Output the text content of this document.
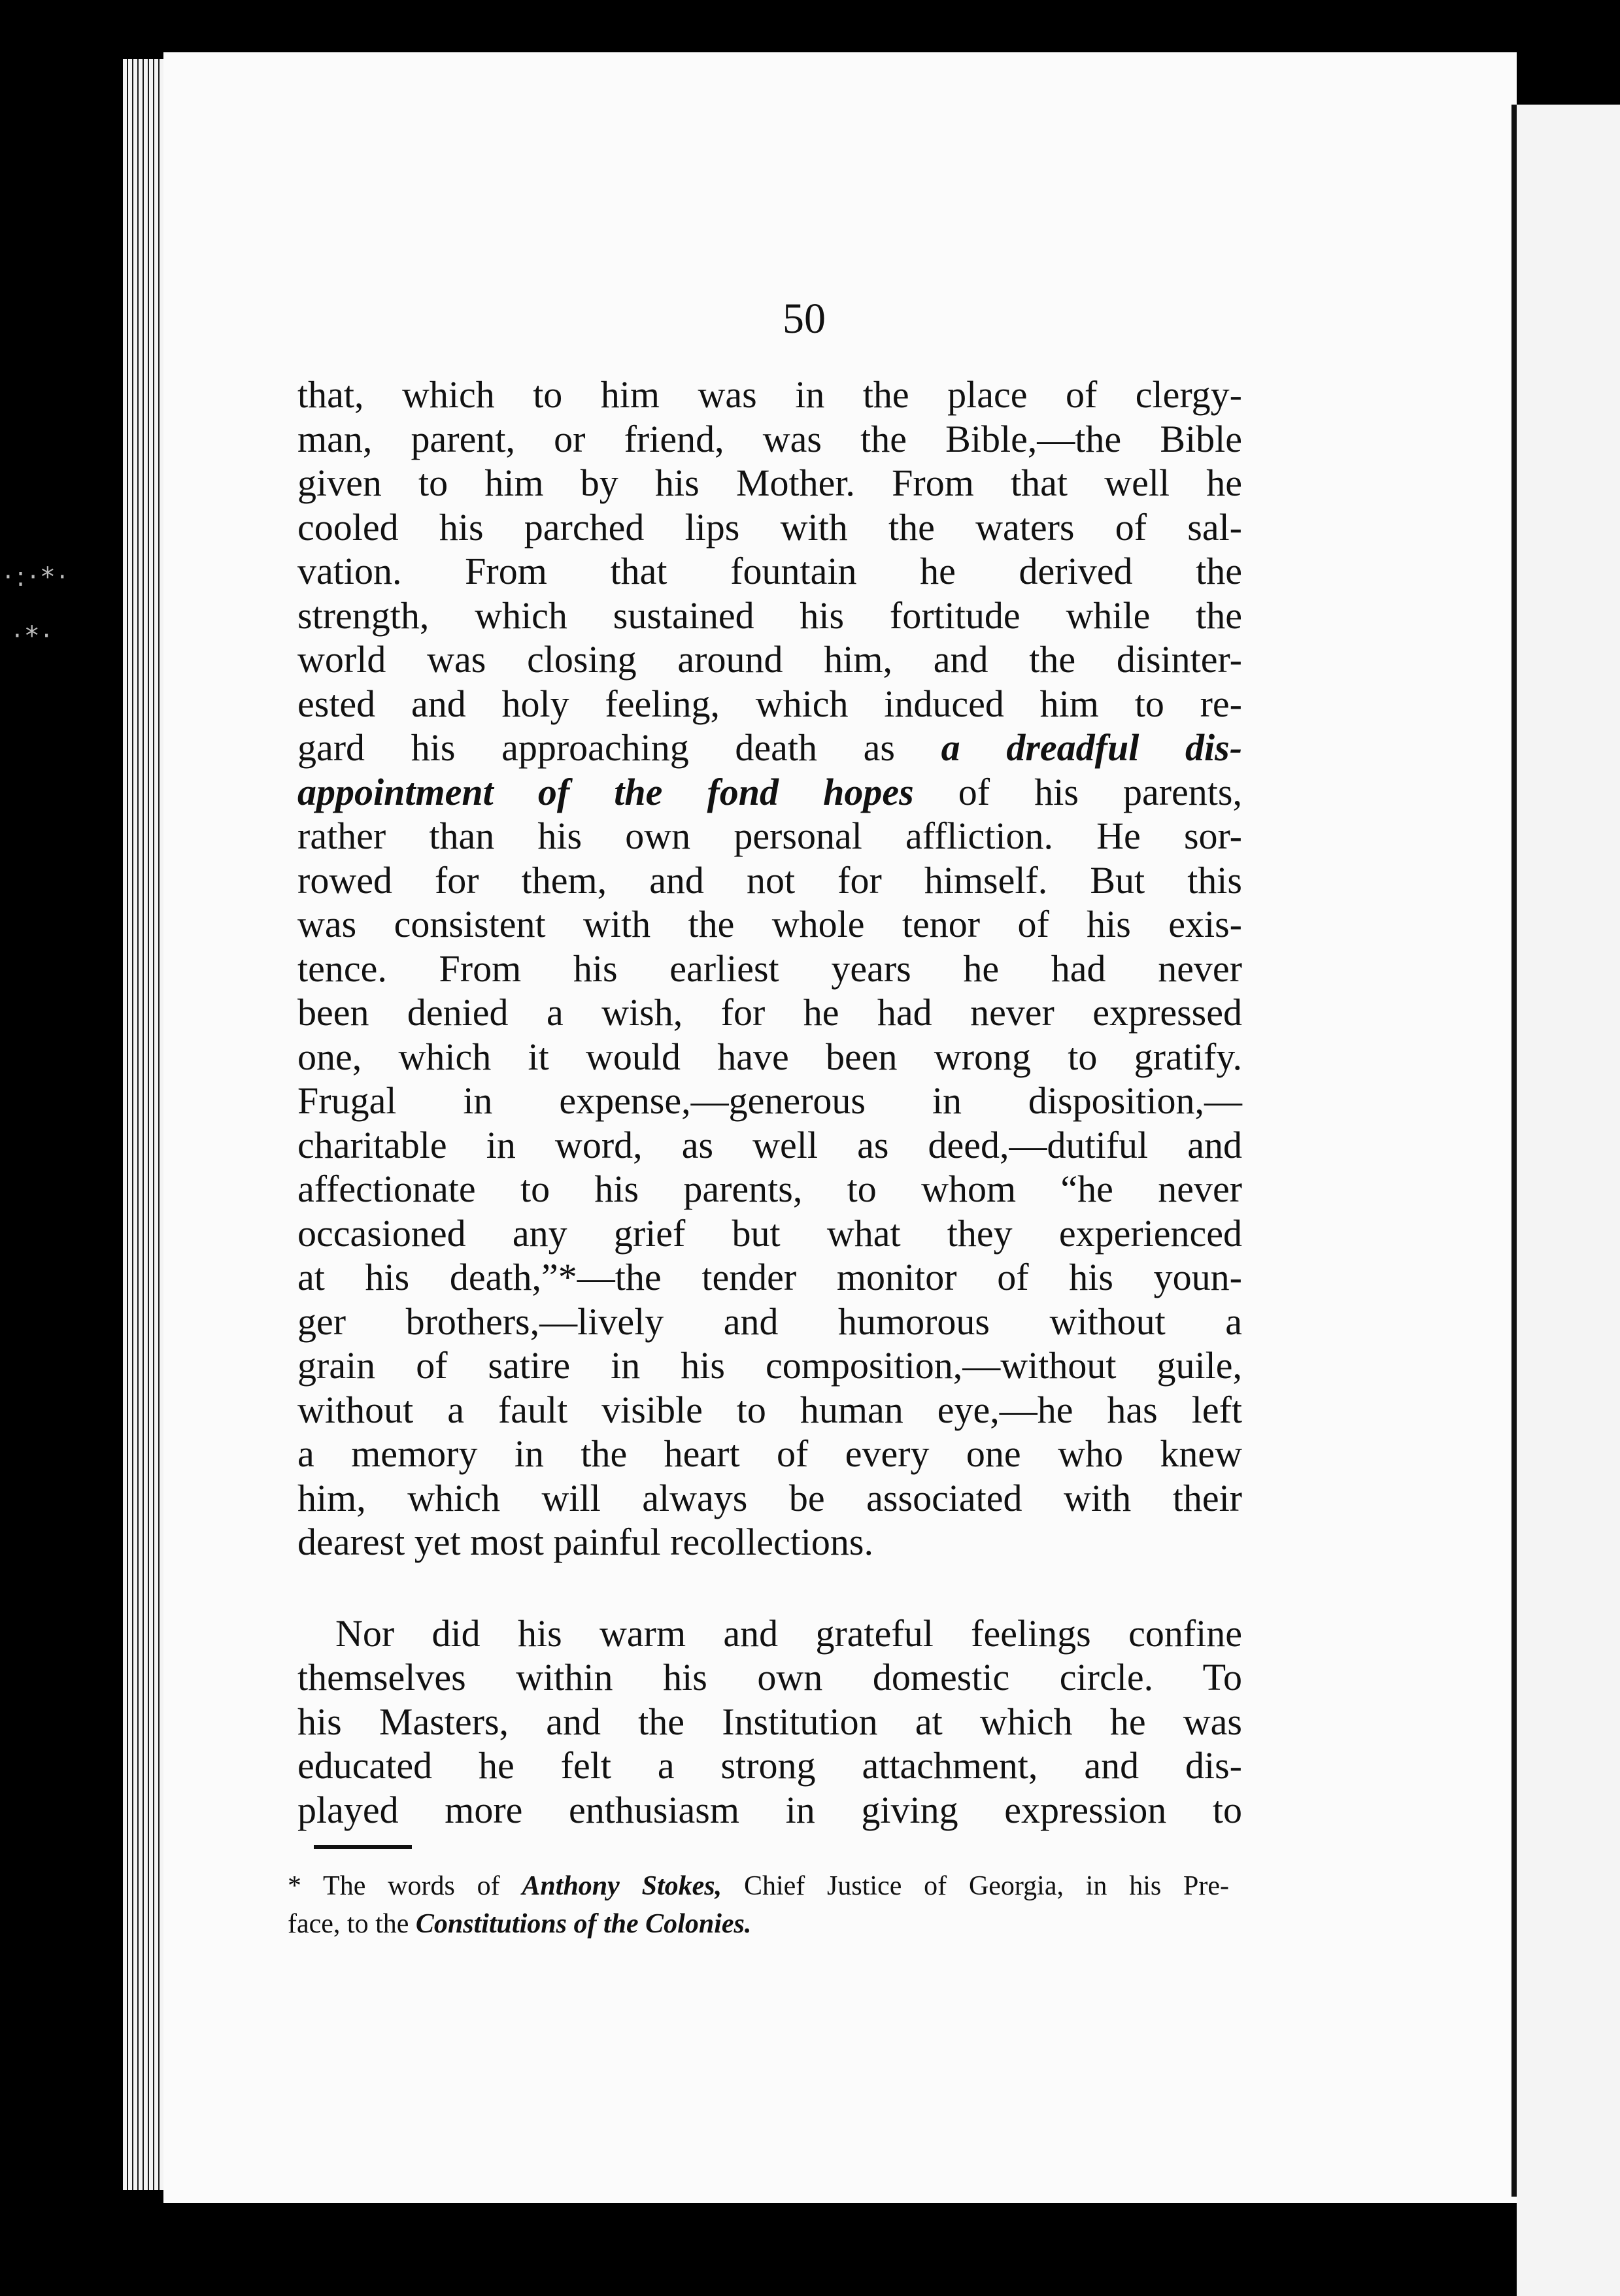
·:·*·
·*·
50
that, which to him was in the place of clergy-
man, parent, or friend, was the Bible,—the Bible
given to him by his Mother. From that well he
cooled his parched lips with the waters of sal-
vation. From that fountain he derived the
strength, which sustained his fortitude while the
world was closing around him, and the disinter-
ested and holy feeling, which induced him to re-
gard his approaching death as a dreadful dis-
appointment of the fond hopes of his parents,
rather than his own personal affliction. He sor-
rowed for them, and not for himself. But this
was consistent with the whole tenor of his exis-
tence. From his earliest years he had never
been denied a wish, for he had never expressed
one, which it would have been wrong to gratify.
Frugal in expense,—generous in disposition,—
charitable in word, as well as deed,—dutiful and
affectionate to his parents, to whom “he never
occasioned any grief but what they experienced
at his death,”*—the tender monitor of his youn-
ger brothers,—lively and humorous without a
grain of satire in his composition,—without guile,
without a fault visible to human eye,—he has left
a memory in the heart of every one who knew
him, which will always be associated with their
dearest yet most painful recollections.
Nor did his warm and grateful feelings confine
themselves within his own domestic circle. To
his Masters, and the Institution at which he was
educated he felt a strong attachment, and dis-
played more enthusiasm in giving expression to
* The words of Anthony Stokes, Chief Justice of Georgia, in his Pre-
face, to the Constitutions of the Colonies.
